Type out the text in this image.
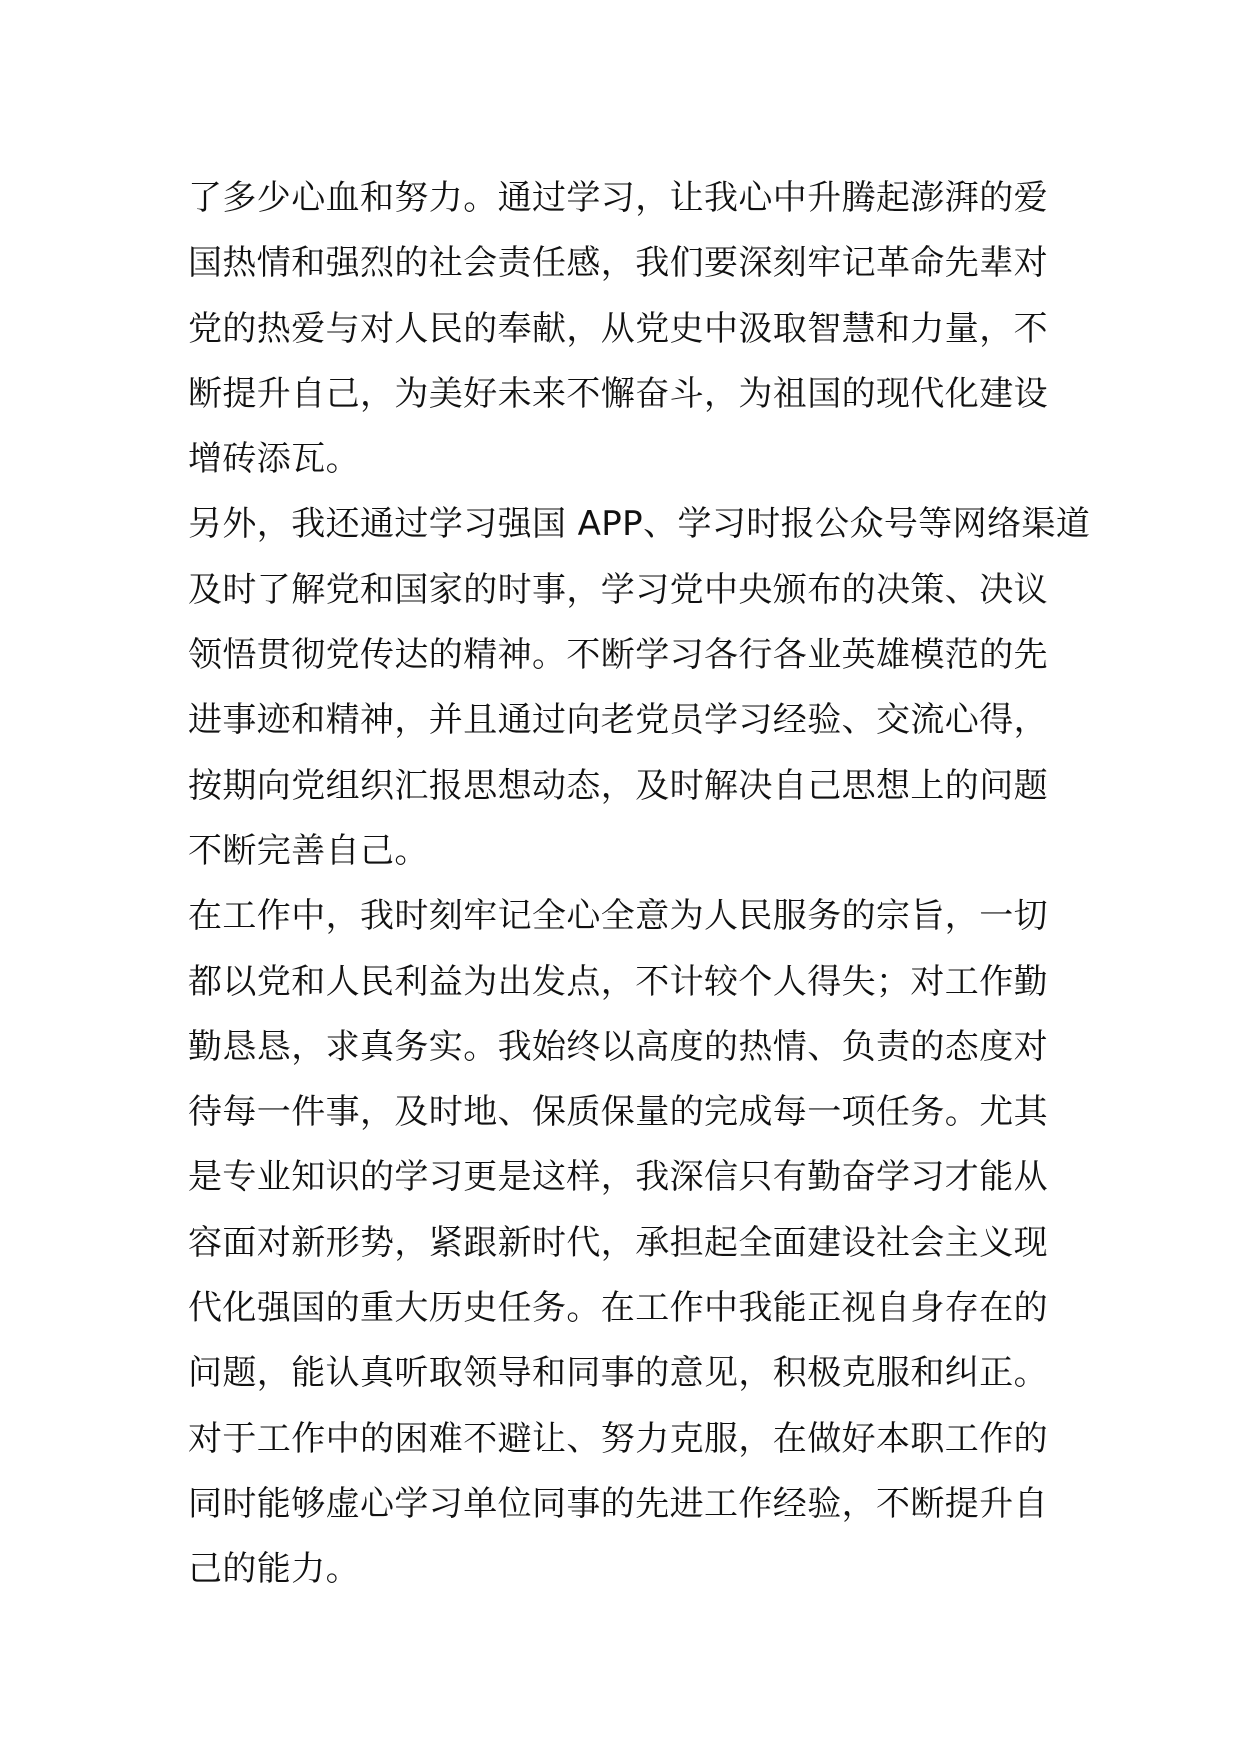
了多少心血和努力。通过学习，让我心中升腾起澎湃的爱
国热情和强烈的社会责任感，我们要深刻牢记革命先辈对
党的热爱与对人民的奉献，从党史中汲取智慧和力量，不
断提升自己，为美好未来不懈奋斗，为祖国的现代化建设
增砖添瓦。
另外，我还通过学习强国 APP、学习时报公众号等网络渠道
及时了解党和国家的时事，学习党中央颁布的决策、决议
领悟贯彻党传达的精神。不断学习各行各业英雄模范的先
进事迹和精神，并且通过向老党员学习经验、交流心得，
按期向党组织汇报思想动态，及时解决自己思想上的问题
不断完善自己。
在工作中，我时刻牢记全心全意为人民服务的宗旨，一切
都以党和人民利益为出发点，不计较个人得失；对工作勤
勤恳恳，求真务实。我始终以高度的热情、负责的态度对
待每一件事，及时地、保质保量的完成每一项任务。尤其
是专业知识的学习更是这样，我深信只有勤奋学习才能从
容面对新形势，紧跟新时代，承担起全面建设社会主义现
代化强国的重大历史任务。在工作中我能正视自身存在的
问题，能认真听取领导和同事的意见，积极克服和纠正。
对于工作中的困难不避让、努力克服，在做好本职工作的
同时能够虚心学习单位同事的先进工作经验，不断提升自
己的能力。
